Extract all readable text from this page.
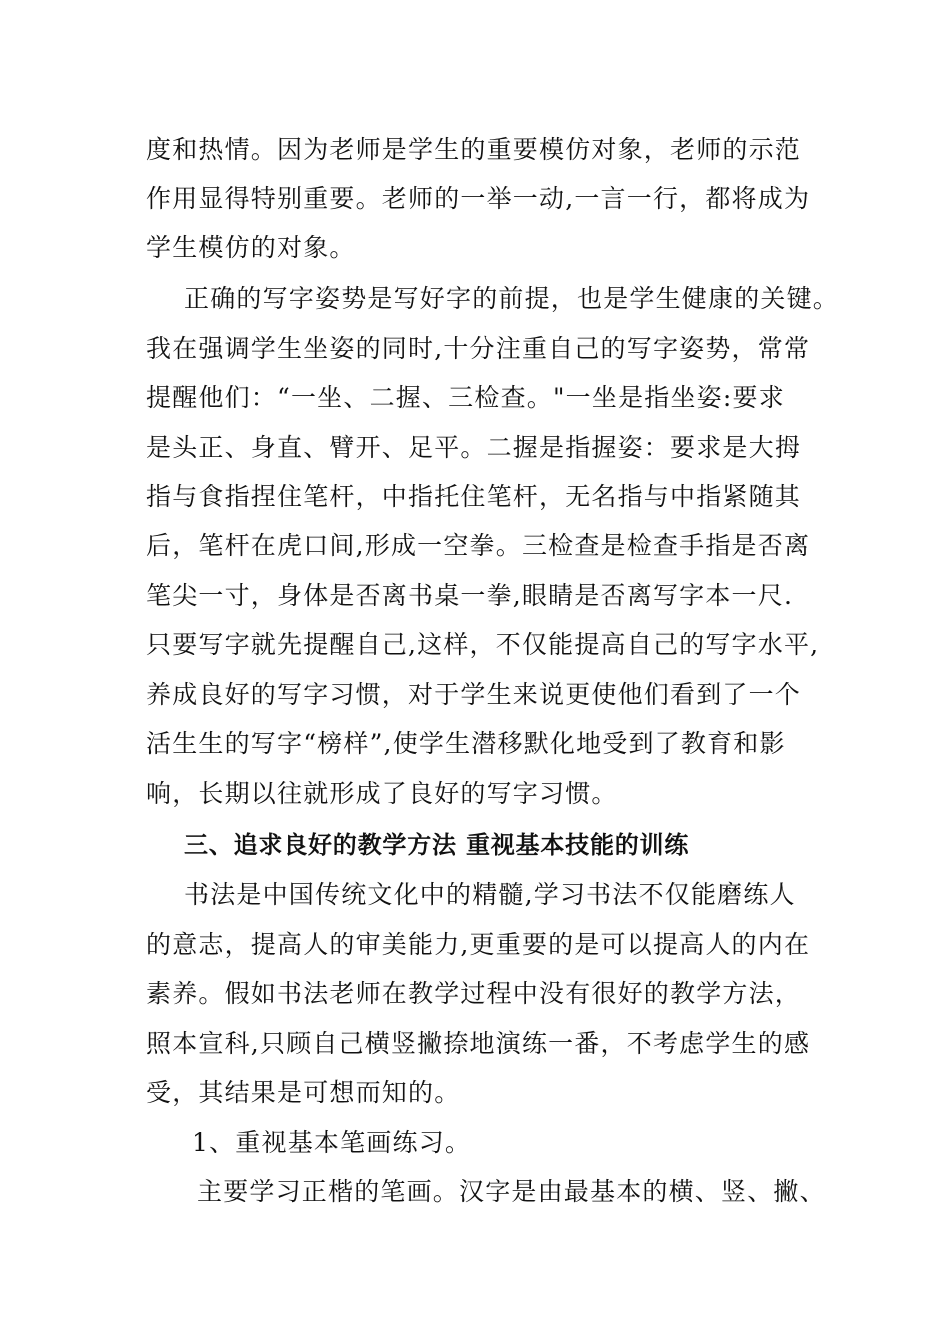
度和热情。因为老师是学生的重要模仿对象，老师的示范
作用显得特别重要。老师的一举一动,一言一行，都将成为
学生模仿的对象。
正确的写字姿势是写好字的前提，也是学生健康的关键。
我在强调学生坐姿的同时,十分注重自己的写字姿势，常常
提醒他们：“一坐、二握、三检查。"一坐是指坐姿:要求
是头正、身直、臂开、足平。二握是指握姿：要求是大拇
指与食指捏住笔杆，中指托住笔杆，无名指与中指紧随其
后，笔杆在虎口间,形成一空拳。三检查是检查手指是否离
笔尖一寸，身体是否离书桌一拳,眼睛是否离写字本一尺.
只要写字就先提醒自己,这样，不仅能提高自己的写字水平,
养成良好的写字习惯，对于学生来说更使他们看到了一个
活生生的写字“榜样”,使学生潜移默化地受到了教育和影
响，长期以往就形成了良好的写字习惯。
三、追求良好的教学方法 重视基本技能的训练
书法是中国传统文化中的精髓,学习书法不仅能磨练人
的意志，提高人的审美能力,更重要的是可以提高人的内在
素养。假如书法老师在教学过程中没有很好的教学方法，
照本宣科,只顾自己横竖撇捺地演练一番，不考虑学生的感
受，其结果是可想而知的。
1、重视基本笔画练习。
主要学习正楷的笔画。汉字是由最基本的横、竖、撇、
